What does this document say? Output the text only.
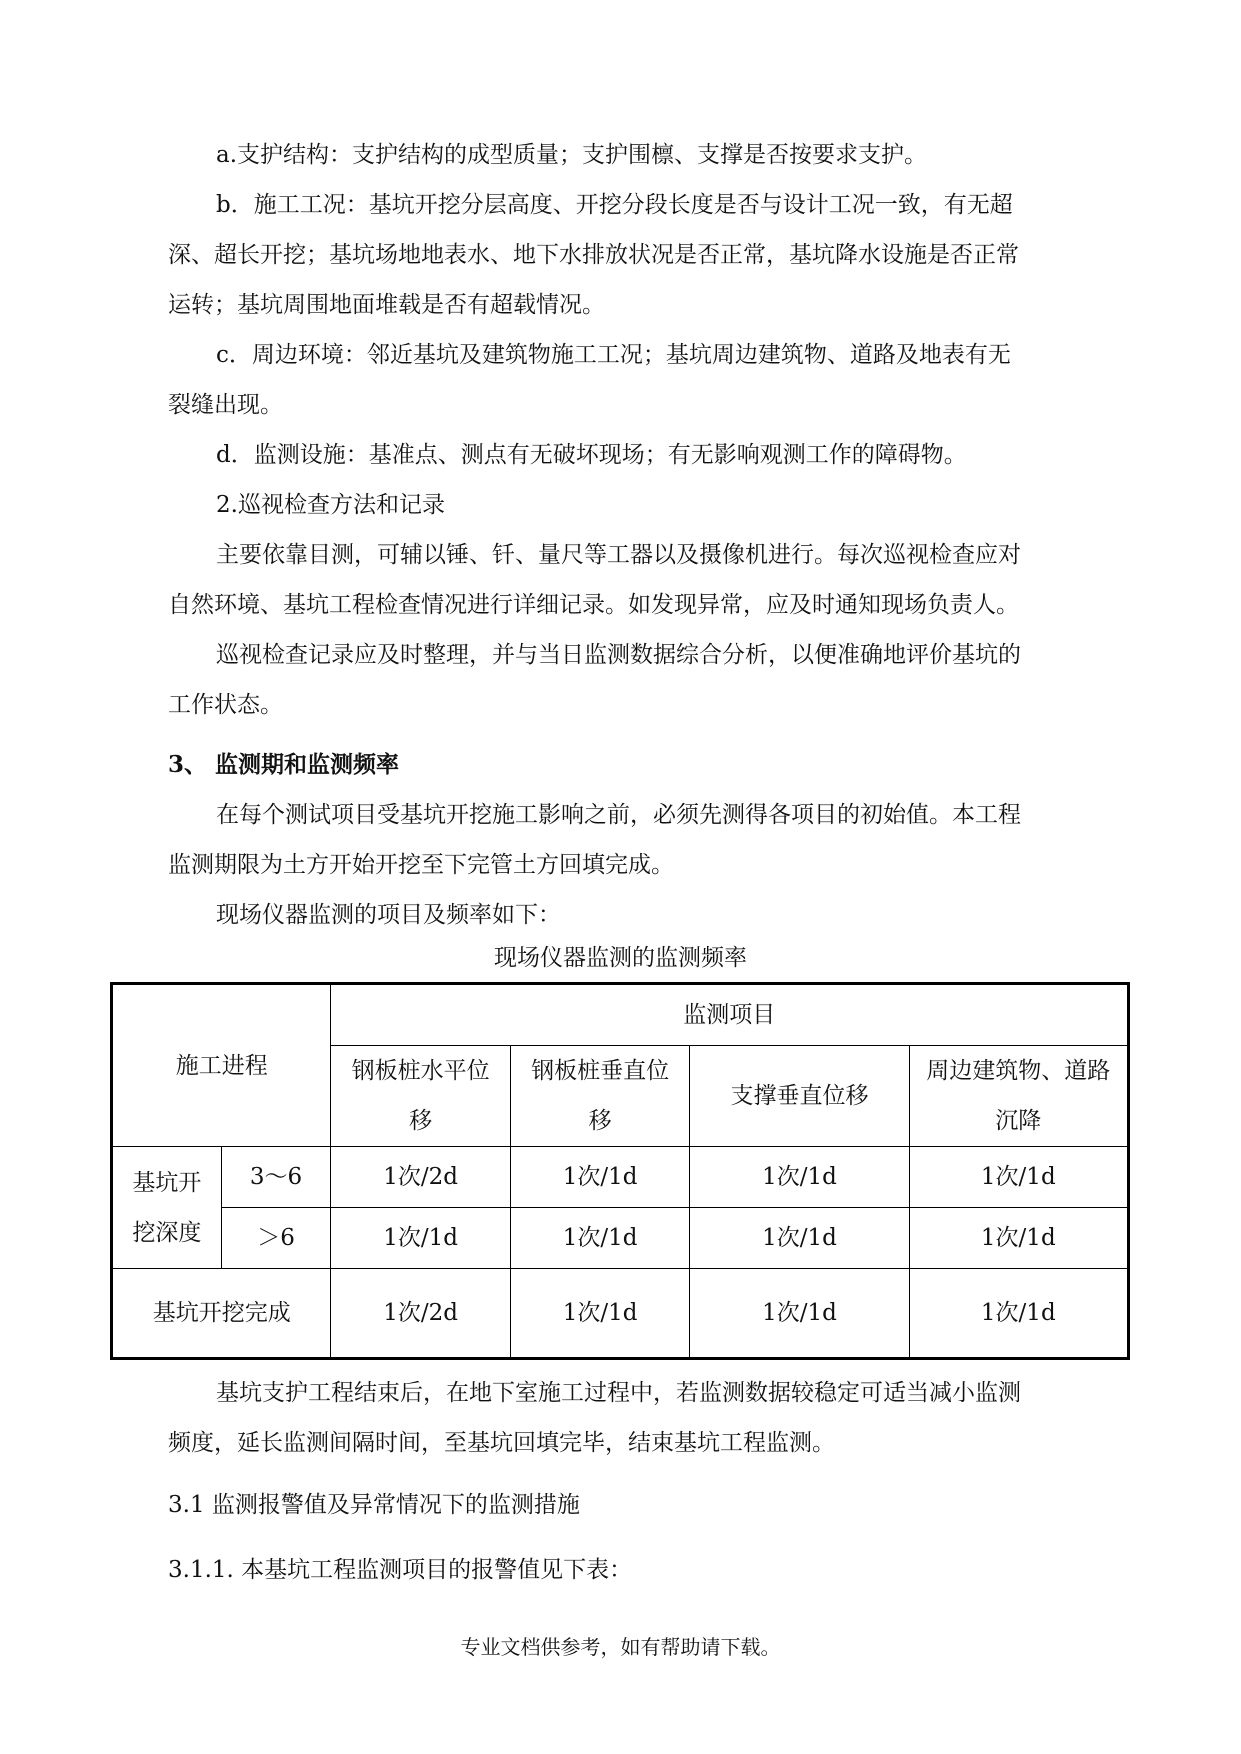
a.支护结构：支护结构的成型质量；支护围檩、支撑是否按要求支护。

b．施工工况：基坑开挖分层高度、开挖分段长度是否与设计工况一致，有无超

深、超长开挖；基坑场地地表水、地下水排放状况是否正常，基坑降水设施是否正常

运转；基坑周围地面堆载是否有超载情况。

c．周边环境：邻近基坑及建筑物施工工况；基坑周边建筑物、道路及地表有无

裂缝出现。

d．监测设施：基准点、测点有无破坏现场；有无影响观测工作的障碍物。

2.巡视检查方法和记录

主要依靠目测，可辅以锤、钎、量尺等工器以及摄像机进行。每次巡视检查应对

自然环境、基坑工程检查情况进行详细记录。如发现异常，应及时通知现场负责人。

巡视检查记录应及时整理，并与当日监测数据综合分析，以便准确地评价基坑的

工作状态。

3、 监测期和监测频率

在每个测试项目受基坑开挖施工影响之前，必须先测得各项目的初始值。本工程

监测期限为土方开始开挖至下完管土方回填完成。

现场仪器监测的项目及频率如下：

现场仪器监测的监测频率
施工进程		监测项目			
		钢板桩水平位移	钢板桩垂直位移	支撑垂直位移	周边建筑物、道路沉降
基坑开挖深度	3～6	1次/2d	1次/1d	1次/1d	1次/1d
	＞6	1次/1d	1次/1d	1次/1d	1次/1d
基坑开挖完成		1次/2d	1次/1d	1次/1d	1次/1d

基坑支护工程结束后，在地下室施工过程中，若监测数据较稳定可适当减小监测

频度，延长监测间隔时间，至基坑回填完毕，结束基坑工程监测。

3.1 监测报警值及异常情况下的监测措施

3.1.1. 本基坑工程监测项目的报警值见下表：

专业文档供参考，如有帮助请下载。
